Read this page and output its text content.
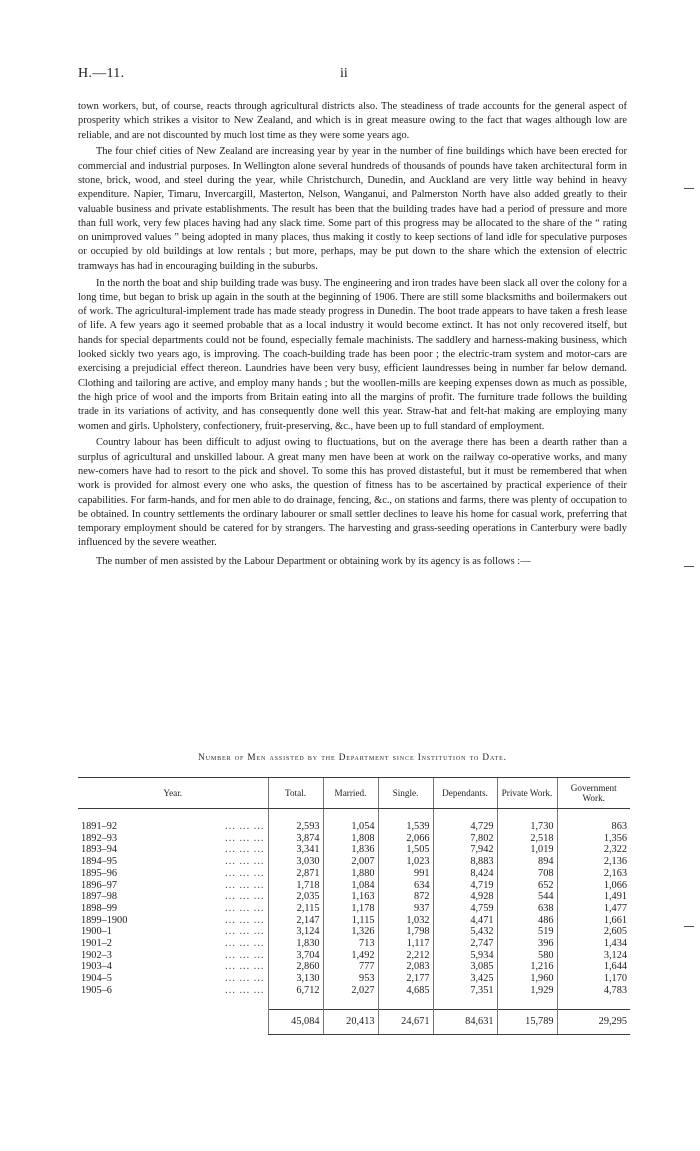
H.—11.	ii

town workers, but, of course, reacts through agricultural districts also. The steadiness of trade accounts for the general aspect of prosperity which strikes a visitor to New Zealand, and which is in great measure owing to the fact that wages although low are reliable, and are not discounted by much lost time as they were some years ago.

The four chief cities of New Zealand are increasing year by year in the number of fine buildings which have been erected for commercial and industrial purposes. In Wellington alone several hundreds of thousands of pounds have taken architectural form in stone, brick, wood, and steel during the year, while Christchurch, Dunedin, and Auckland are very little way behind in heavy expenditure. Napier, Timaru, Invercargill, Masterton, Nelson, Wanganui, and Palmerston North have also added greatly to their valuable business and private establishments. The result has been that the building trades have had a period of pressure and more than full work, very few places having had any slack time. Some part of this progress may be allocated to the share of the “ rating on unimproved values ” being adopted in many places, thus making it costly to keep sections of land idle for speculative purposes or occupied by old buildings at low rentals ; but more, perhaps, may be put down to the share which the extension of electric tramways has had in encouraging building in the suburbs.

In the north the boat and ship building trade was busy. The engineering and iron trades have been slack all over the colony for a long time, but began to brisk up again in the south at the beginning of 1906. There are still some blacksmiths and boilermakers out of work. The agricultural-implement trade has made steady progress in Dunedin. The boot trade appears to have taken a fresh lease of life. A few years ago it seemed probable that as a local industry it would become extinct. It has not only recovered itself, but hands for special departments could not be found, especially female machinists. The saddlery and harness-making business, which looked sickly two years ago, is improving. The coach-building trade has been poor ; the electric-tram system and motor-cars are exercising a prejudicial effect thereon. Laundries have been very busy, efficient laundresses being in number far below demand. Clothing and tailoring are active, and employ many hands ; but the woollen-mills are keeping expenses down as much as possible, the high price of wool and the imports from Britain eating into all the margins of profit. The furniture trade follows the building trade in its variations of activity, and has consequently done well this year. Straw-hat and felt-hat making are employing many women and girls. Upholstery, confectionery, fruit-preserving, &c., have been up to full standard of employment.

Country labour has been difficult to adjust owing to fluctuations, but on the average there has been a dearth rather than a surplus of agricultural and unskilled labour. A great many men have been at work on the railway co-operative works, and many new-comers have had to resort to the pick and shovel. To some this has proved distasteful, but it must be remembered that when work is provided for almost every one who asks, the question of fitness has to be ascertained by practical experience of their capabilities. For farm-hands, and for men able to do drainage, fencing, &c., on stations and farms, there was plenty of occupation to be obtained. In country settlements the ordinary labourer or small settler declines to leave his home for casual work, preferring that temporary employment should be catered for by strangers. The harvesting and grass-seeding operations in Canterbury were badly influenced by the severe weather.

The number of men assisted by the Labour Department or obtaining work by its agency is as follows :—

Number of Men assisted by the Department since Institution to Date.
Year.	Total.	Married.	Single.	Dependants.	Private Work.	Government Work.

1891–92 ... ... ...	2,593	1,054	1,539	4,729	1,730	863
1892–93 ... ... ...	3,874	1,808	2,066	7,802	2,518	1,356
1893–94 ... ... ...	3,341	1,836	1,505	7,942	1,019	2,322
1894–95 ... ... ...	3,030	2,007	1,023	8,883	894	2,136
1895–96 ... ... ...	2,871	1,880	991	8,424	708	2,163
1896–97 ... ... ...	1,718	1,084	634	4,719	652	1,066
1897–98 ... ... ...	2,035	1,163	872	4,928	544	1,491
1898–99 ... ... ...	2,115	1,178	937	4,759	638	1,477
1899–1900 ... ... ...	2,147	1,115	1,032	4,471	486	1,661
1900–1 ... ... ...	3,124	1,326	1,798	5,432	519	2,605
1901–2 ... ... ...	1,830	713	1,117	2,747	396	1,434
1902–3 ... ... ...	3,704	1,492	2,212	5,934	580	3,124
1903–4 ... ... ...	2,860	777	2,083	3,085	1,216	1,644
1904–5 ... ... ...	3,130	953	2,177	3,425	1,960	1,170
1905–6 ... ... ...	6,712	2,027	4,685	7,351	1,929	4,783

	45,084	20,413	24,671	84,631	15,789	29,295
